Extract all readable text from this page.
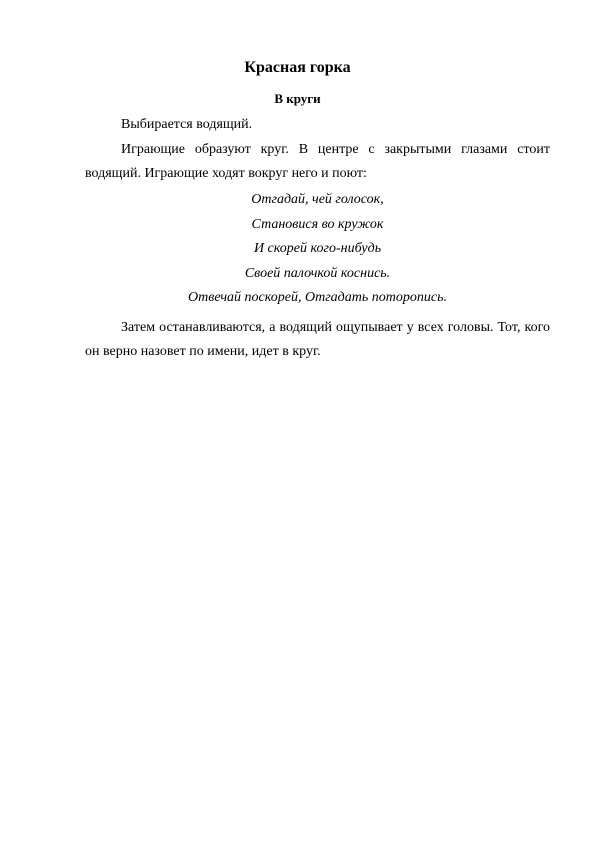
Красная горка
В круги
Выбирается водящий.
Играющие образуют круг. В центре с закрытыми глазами стоит водящий. Играющие ходят вокруг него и поют:
Отгадай, чей голосок,
Становися во кружок
И скорей кого-нибудь
Своей палочкой коснись.
Отвечай поскорей, Отгадать поторопись.
Затем останавливаются, а водящий ощупывает у всех головы. Тот, кого он верно назовет по имени, идет в круг.
